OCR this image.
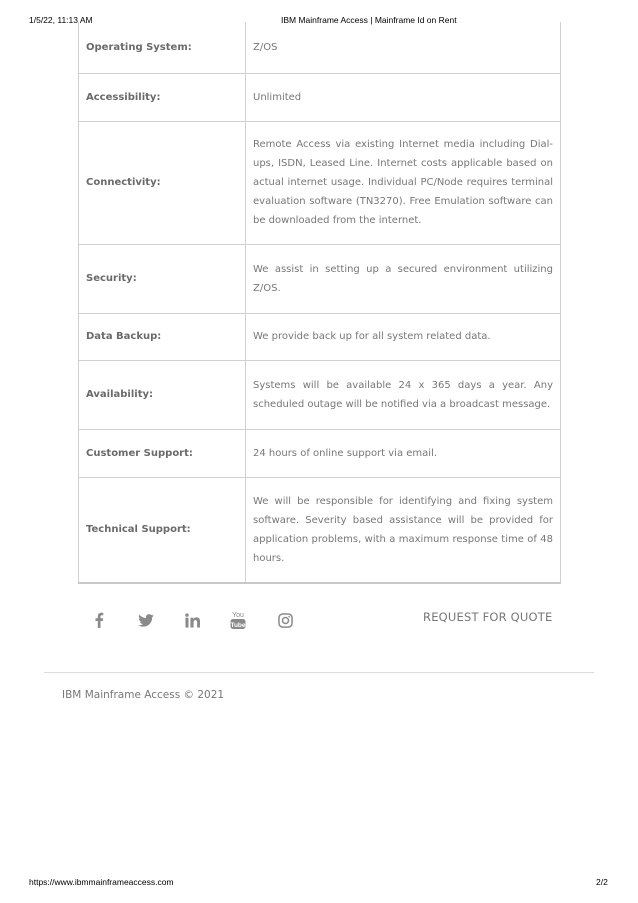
1/5/22, 11:13 AM	IBM Mainframe Access | Mainframe Id on Rent
Operating System:	Z/OS
Accessibility:	Unlimited
Connectivity:	Remote Access via existing Internet media including Dial-ups, ISDN, Leased Line. Internet costs applicable based on actual internet usage. Individual PC/Node requires terminal evaluation software (TN3270). Free Emulation software can be downloaded from the internet.
Security:	We assist in setting up a secured environment utilizing Z/OS.
Data Backup:	We provide back up for all system related data.
Availability:	Systems will be available 24 x 365 days a year. Any scheduled outage will be notified via a broadcast message.
Customer Support:	24 hours of online support via email.
Technical Support:	We will be responsible for identifying and fixing system software. Severity based assistance will be provided for application problems, with a maximum response time of 48 hours.
You
Tube
REQUEST FOR QUOTE
IBM Mainframe Access © 2021
https://www.ibmmainframeaccess.com	2/2
